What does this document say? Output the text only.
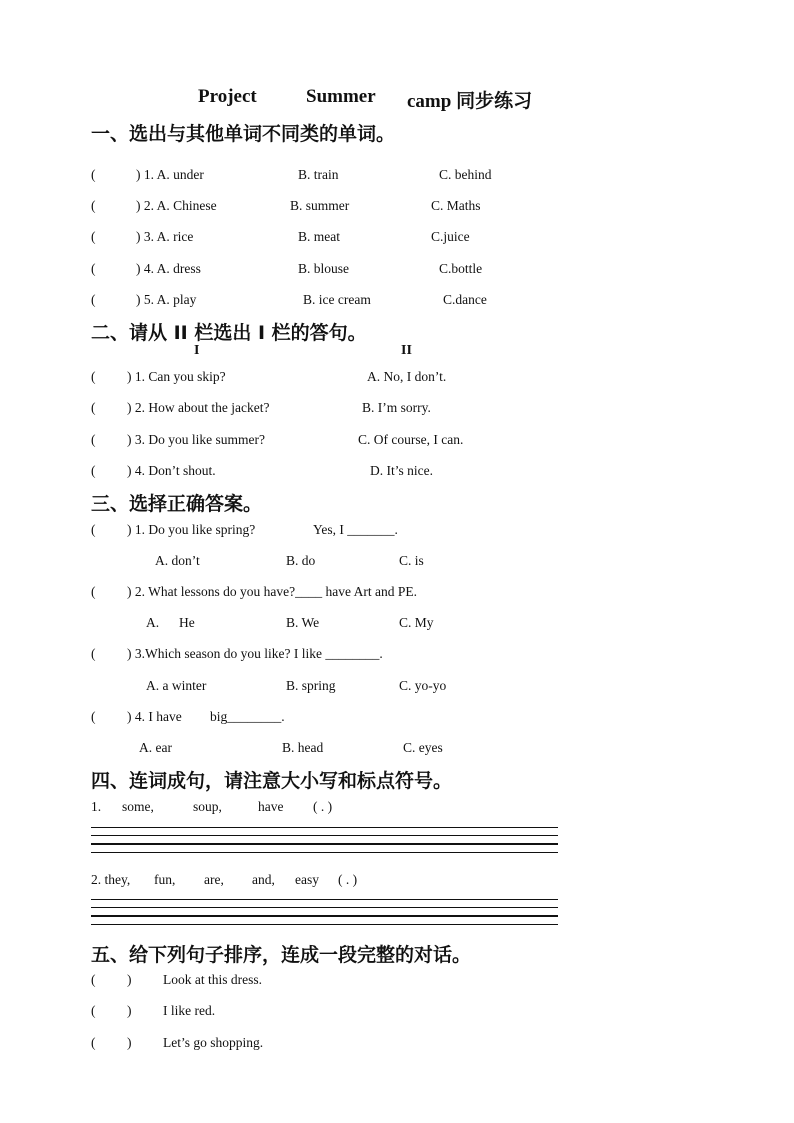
Project	Summer camp 同步练习
一、选出与其他单词不同类的单词。
(	) 1. A. under	B. train	C. behind
(	) 2. A. Chinese	B. summer	C. Maths
(	) 3. A. rice	B. meat	C.juice
(	) 4. A. dress	B. blouse	C.bottle
(	) 5. A. play	B. ice cream	C.dance
二、请从 II 栏选出 I 栏的答句。
I	II
( ) 1. Can you skip?	A. No, I don’t.
( ) 2. How about the jacket?	B. I’m sorry.
( ) 3. Do you like summer?	C. Of course, I can.
( ) 4. Don’t shout.	D. It’s nice.
三、选择正确答案。
( ) 1. Do you like spring?	Yes, I _______.
A. don’t	B. do	C. is
( ) 2. What lessons do you have?____ have Art and PE.
A. He	B. We	C. My
( ) 3.Which season do you like? I like ________.
A. a winter	B. spring	C. yo-yo
( ) 4. I have big________.
A. ear	B. head	C. eyes
四、连词成句，请注意大小写和标点符号。
1. some,	soup,	have ( . )
2. they, fun, are, and, easy ( . )
五、给下列句子排序，连成一段完整的对话。
( ) Look at this dress.
( ) I like red.
( ) Let’s go shopping.
